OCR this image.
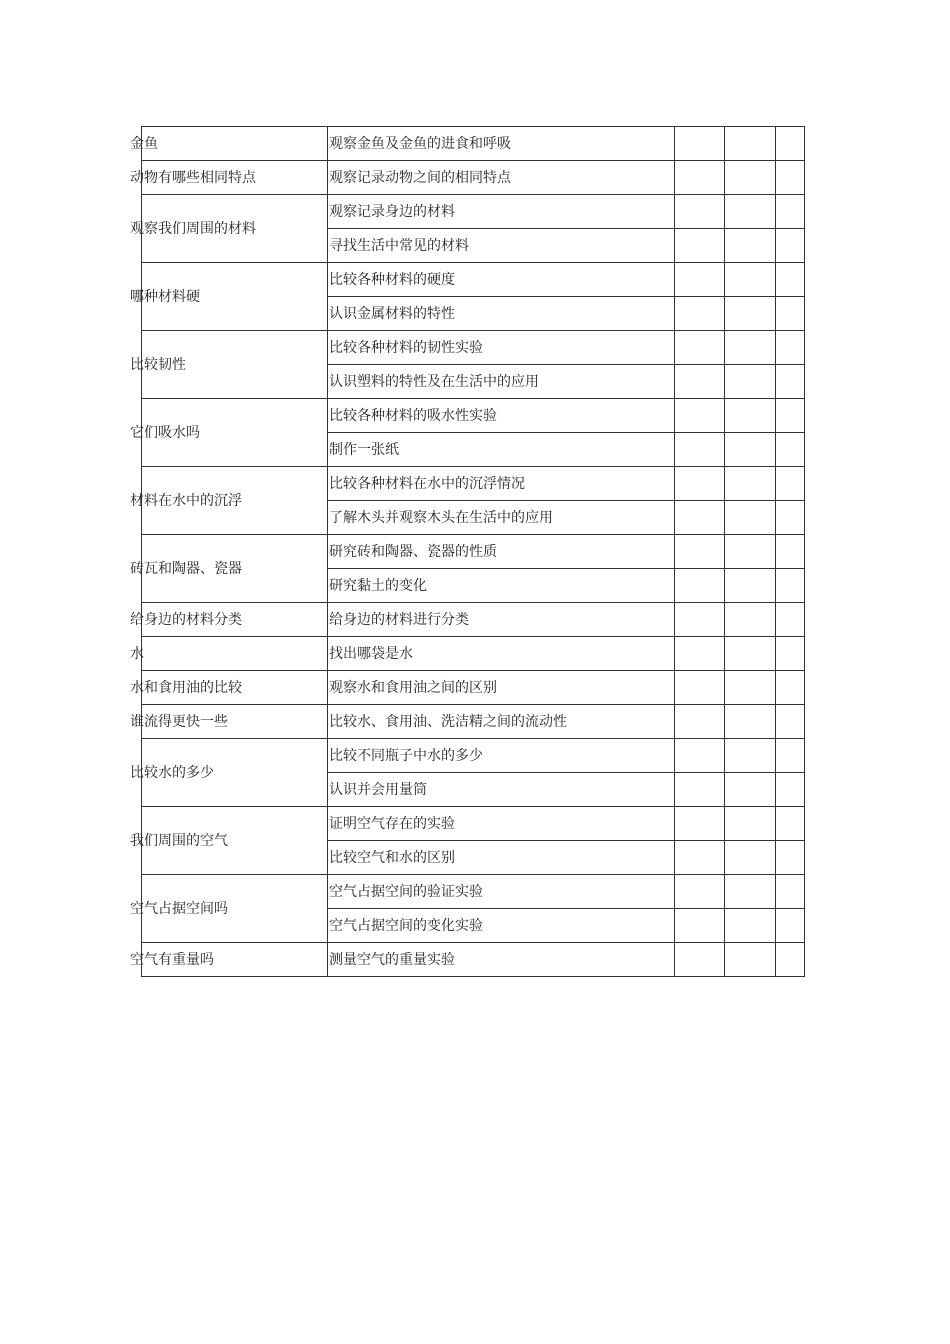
金鱼	观察金鱼及金鱼的进食和呼吸			

动物有哪些相同特点	观察记录动物之间的相同特点			

观察我们周围的材料	观察记录身边的材料			

	寻找生活中常见的材料			

哪种材料硬	比较各种材料的硬度			

	认识金属材料的特性			

比较韧性	比较各种材料的韧性实验			

	认识塑料的特性及在生活中的应用			

它们吸水吗	比较各种材料的吸水性实验			

	制作一张纸			

材料在水中的沉浮	比较各种材料在水中的沉浮情况			

	了解木头并观察木头在生活中的应用			

砖瓦和陶器、瓷器	研究砖和陶器、瓷器的性质			

	研究黏土的变化			

给身边的材料分类	给身边的材料进行分类			

水	找出哪袋是水			

水和食用油的比较	观察水和食用油之间的区别			

谁流得更快一些	比较水、食用油、洗洁精之间的流动性			

比较水的多少	比较不同瓶子中水的多少			

	认识并会用量筒			

我们周围的空气	证明空气存在的实验			

	比较空气和水的区别			

空气占据空间吗	空气占据空间的验证实验			

	空气占据空间的变化实验			

空气有重量吗	测量空气的重量实验			
